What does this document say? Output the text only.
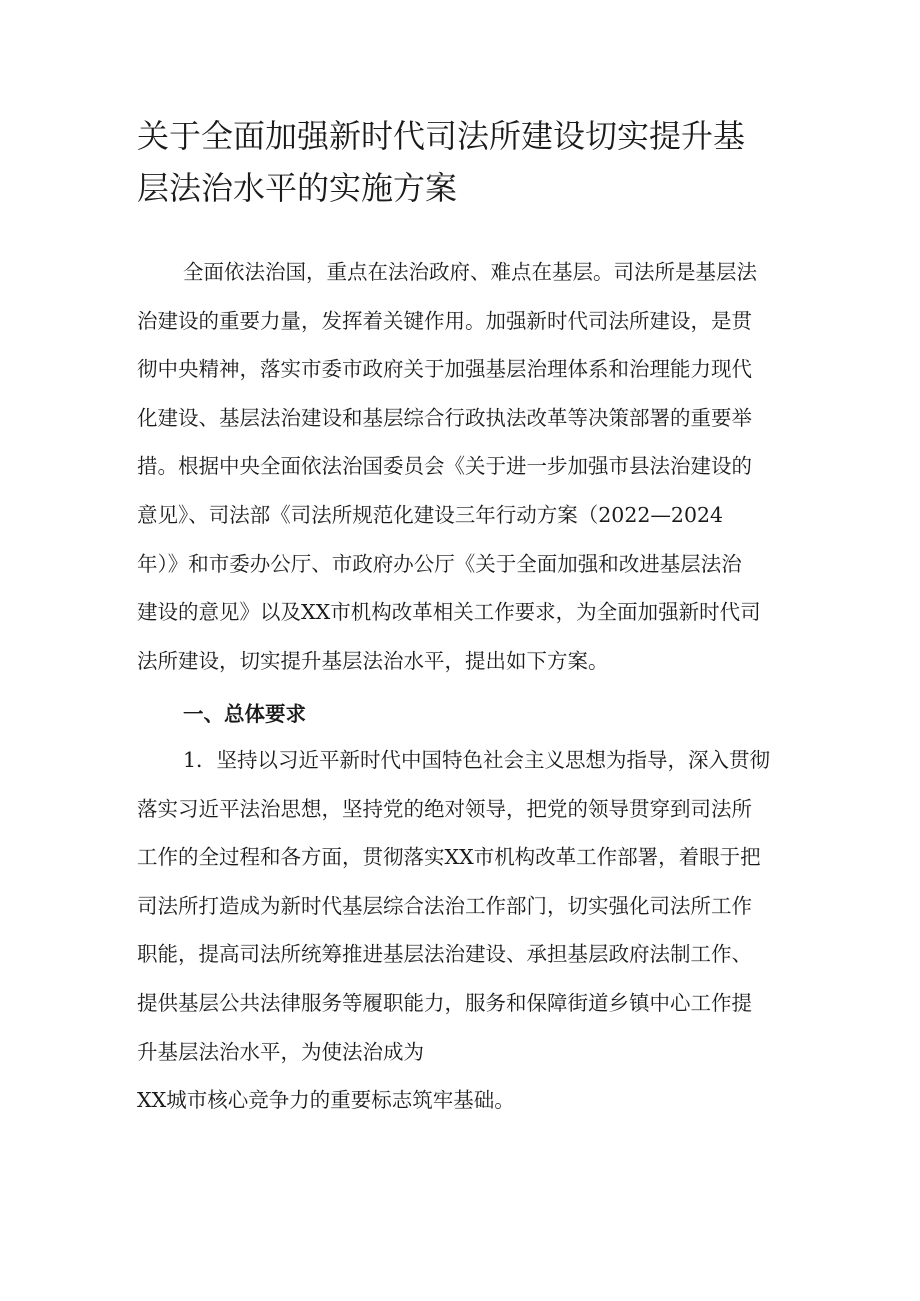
关于全面加强新时代司法所建设切实提升基
层法治水平的实施方案

全面依法治国，重点在法治政府、难点在基层。司法所是基层法
治建设的重要力量，发挥着关键作用。加强新时代司法所建设，是贯
彻中央精神，落实市委市政府关于加强基层治理体系和治理能力现代
化建设、基层法治建设和基层综合行政执法改革等决策部署的重要举
措。根据中央全面依法治国委员会《关于进一步加强市县法治建设的
意见》、司法部《司法所规范化建设三年行动方案（2022—2024
年）》和市委办公厅、市政府办公厅《关于全面加强和改进基层法治
建设的意见》以及XX市机构改革相关工作要求，为全面加强新时代司
法所建设，切实提升基层法治水平，提出如下方案。

一、总体要求

1．坚持以习近平新时代中国特色社会主义思想为指导，深入贯彻
落实习近平法治思想，坚持党的绝对领导，把党的领导贯穿到司法所
工作的全过程和各方面，贯彻落实XX市机构改革工作部署，着眼于把
司法所打造成为新时代基层综合法治工作部门，切实强化司法所工作
职能，提高司法所统筹推进基层法治建设、承担基层政府法制工作、
提供基层公共法律服务等履职能力，服务和保障街道乡镇中心工作提
升基层法治水平，为使法治成为
XX城市核心竞争力的重要标志筑牢基础。
